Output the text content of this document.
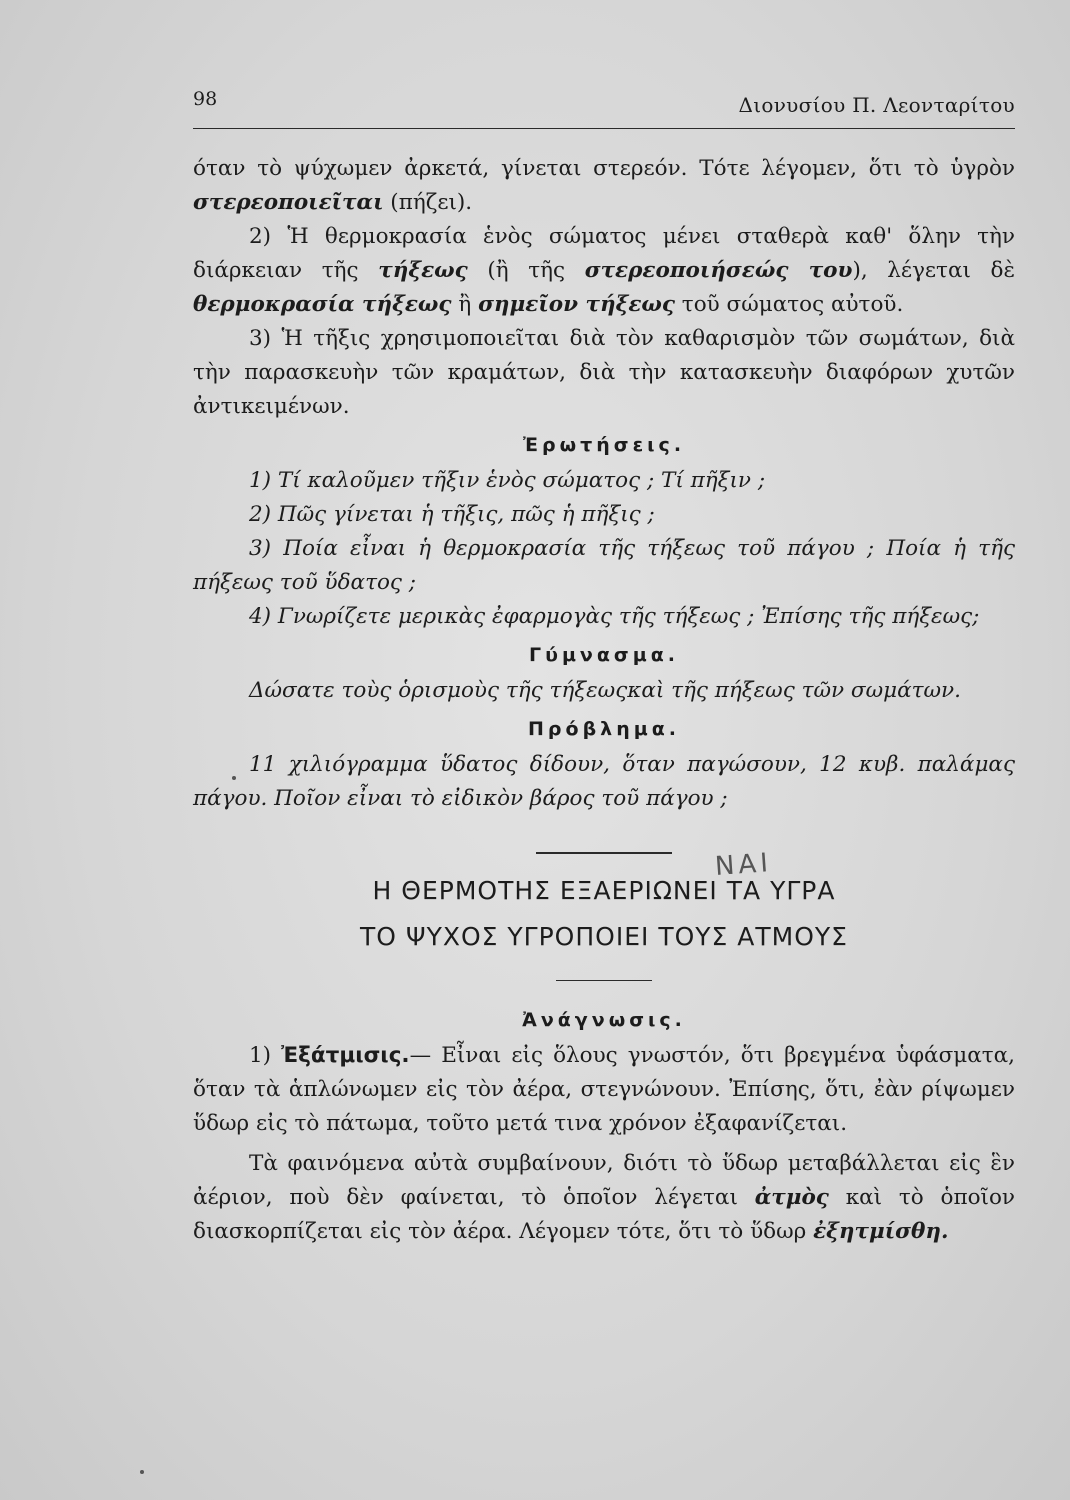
98	Διονυσίου Π. Λεονταρίτου

όταν τὸ ψύχωμεν ἀρκετά, γίνεται στερεόν. Τότε λέγομεν, ὅτι τὸ ὑγρὸν στερεοποιεῖται (πήζει).

2) Ἡ θερμοκρασία ἑνὸς σώματος μένει σταθερὰ καθ' ὅλην τὴν διάρκειαν τῆς τήξεως (ἢ τῆς στερεοποιήσεώς του), λέγεται δὲ θερμοκρασία τήξεως ἢ σημεῖον τήξεως τοῦ σώματος αὐτοῦ.

3) Ἡ τῆξις χρησιμοποιεῖται διὰ τὸν καθαρισμὸν τῶν σωμάτων, διὰ τὴν παρασκευὴν τῶν κραμάτων, διὰ τὴν κατασκευὴν διαφόρων χυτῶν ἀντικειμένων.

Ἐρωτήσεις.

1) Τί καλοῦμεν τῆξιν ἑνὸς σώματος ; Τί πῆξιν ;

2) Πῶς γίνεται ἡ τῆξις, πῶς ἡ πῆξις ;

3) Ποία εἶναι ἡ θερμοκρασία τῆς τήξεως τοῦ πάγου ; Ποία ἡ τῆς πήξεως τοῦ ὕδατος ;

4) Γνωρίζετε μερικὰς ἐφαρμογὰς τῆς τήξεως ; Ἐπίσης τῆς πήξεως;

Γύμνασμα.

Δώσατε τοὺς ὁρισμοὺς τῆς τήξεωςκαὶ τῆς πήξεως τῶν σωμάτων.

Πρόβλημα.

11 χιλιόγραμμα ὕδατος δίδουν, ὅταν παγώσουν, 12 κυβ. παλάμας πάγου. Ποῖον εἶναι τὸ εἰδικὸν βάρος τοῦ πάγου ;

ΝΑΙ
Η ΘΕΡΜΟΤΗΣ ΕΞΑΕΡΙΩΝΕΙ ΤΑ ΥΓΡΑ
ΤΟ ΨΥΧΟΣ ΥΓΡΟΠΟΙΕΙ ΤΟΥΣ ΑΤΜΟΥΣ
Ἀνάγνωσις.

1) Ἐξάτμισις.— Εἶναι εἰς ὅλους γνωστόν, ὅτι βρεγμένα ὑφάσματα, ὅταν τὰ ἁπλώνωμεν εἰς τὸν ἀέρα, στεγνώνουν. Ἐπίσης, ὅτι, ἐὰν ρίψωμεν ὕδωρ εἰς τὸ πάτωμα, τοῦτο μετά τινα χρόνον ἐξαφανίζεται.

Τὰ φαινόμενα αὐτὰ συμβαίνουν, διότι τὸ ὕδωρ μεταβάλλεται εἰς ἓν ἀέριον, ποὺ δὲν φαίνεται, τὸ ὁποῖον λέγεται ἀτμὸς καὶ τὸ ὁποῖον διασκορπίζεται εἰς τὸν ἀέρα. Λέγομεν τότε, ὅτι τὸ ὕδωρ ἐξητμίσθη.
